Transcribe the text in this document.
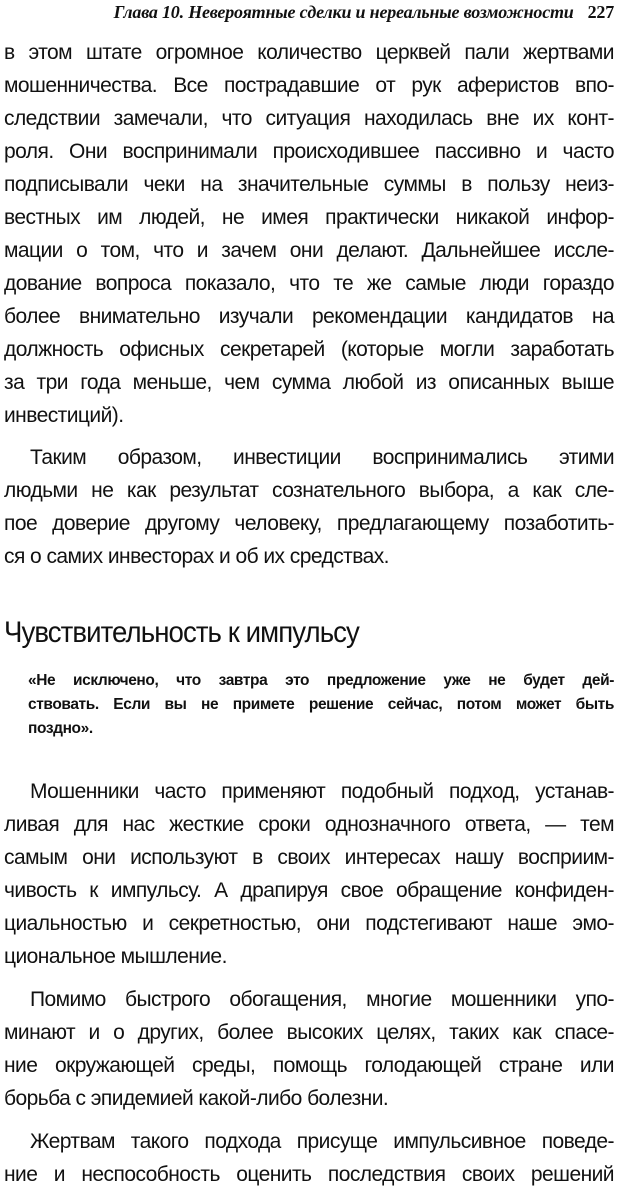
Глава 10. Невероятные сделки и нереальные возможности 227

в этом штате огромное количество церквей пали жертвами
мошенничества. Все пострадавшие от рук аферистов впо-
следствии замечали, что ситуация находилась вне их конт-
роля. Они воспринимали происходившее пассивно и часто
подписывали чеки на значительные суммы в пользу неиз-
вестных им людей, не имея практически никакой инфор-
мации о том, что и зачем они делают. Дальнейшее иссле-
дование вопроса показало, что те же самые люди гораздо
более внимательно изучали рекомендации кандидатов на
должность офисных секретарей (которые могли заработать
за три года меньше, чем сумма любой из описанных выше
инвестиций).

Таким образом, инвестиции воспринимались этими
людьми не как результат сознательного выбора, а как сле-
пое доверие другому человеку, предлагающему позаботить-
ся о самих инвесторах и об их средствах.

Чувствительность к импульсу
«Не исключено, что завтра это предложение уже не будет дей-
ствовать. Если вы не примете решение сейчас, потом может быть
поздно».

Мошенники часто применяют подобный подход, устанав-
ливая для нас жесткие сроки однозначного ответа, — тем
самым они используют в своих интересах нашу восприим-
чивость к импульсу. А драпируя свое обращение конфиден-
циальностью и секретностью, они подстегивают наше эмо-
циональное мышление.

Помимо быстрого обогащения, многие мошенники упо-
минают и о других, более высоких целях, таких как спасе-
ние окружающей среды, помощь голодающей стране или
борьба с эпидемией какой-либо болезни.

Жертвам такого подхода присуще импульсивное поведе-
ние и неспособность оценить последствия своих решений
